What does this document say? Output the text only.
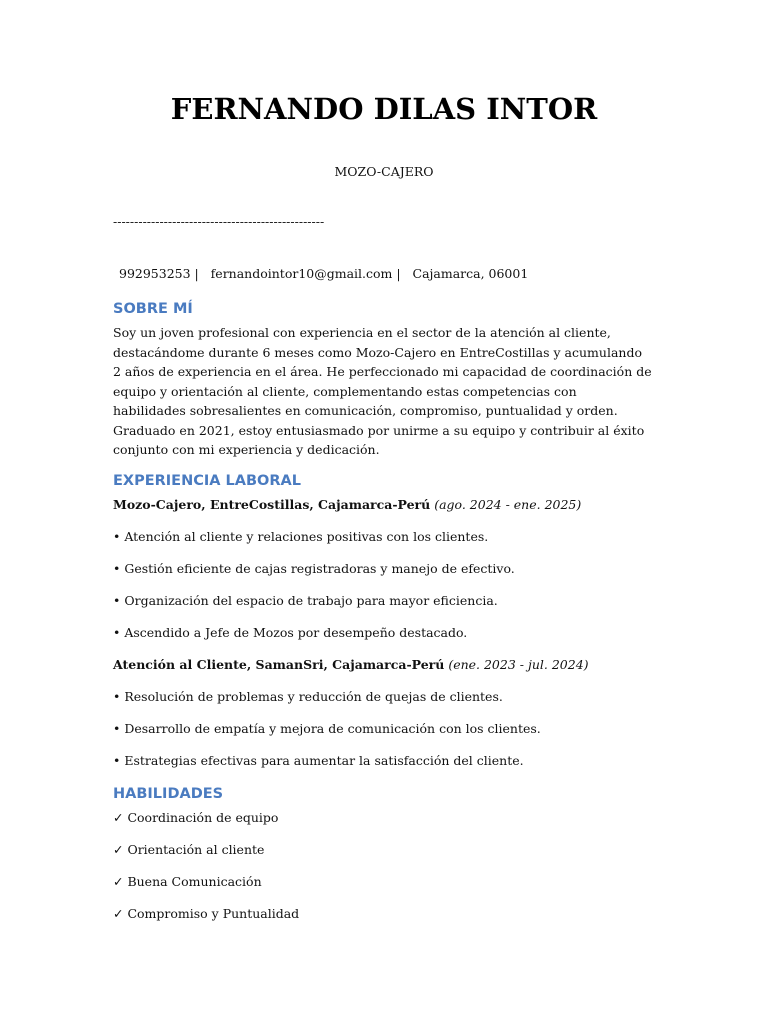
FERNANDO DILAS INTOR

MOZO-CAJERO

--------------------------------------------------

992953253 |   fernandointor10@gmail.com |   Cajamarca, 06001

SOBRE MÍ

Soy un joven profesional con experiencia en el sector de la atención al cliente, destacándome durante 6 meses como Mozo-Cajero en EntreCostillas y acumulando 2 años de experiencia en el área. He perfeccionado mi capacidad de coordinación de equipo y orientación al cliente, complementando estas competencias con habilidades sobresalientes en comunicación, compromiso, puntualidad y orden. Graduado en 2021, estoy entusiasmado por unirme a su equipo y contribuir al éxito conjunto con mi experiencia y dedicación.

EXPERIENCIA LABORAL

Mozo-Cajero, EntreCostillas, Cajamarca-Perú (ago. 2024 - ene. 2025)

• Atención al cliente y relaciones positivas con los clientes.

• Gestión eficiente de cajas registradoras y manejo de efectivo.

• Organización del espacio de trabajo para mayor eficiencia.

• Ascendido a Jefe de Mozos por desempeño destacado.

Atención al Cliente, SamanSri, Cajamarca-Perú (ene. 2023 - jul. 2024)

• Resolución de problemas y reducción de quejas de clientes.

• Desarrollo de empatía y mejora de comunicación con los clientes.

• Estrategias efectivas para aumentar la satisfacción del cliente.

HABILIDADES

✓ Coordinación de equipo

✓ Orientación al cliente

✓ Buena Comunicación

✓ Compromiso y Puntualidad
